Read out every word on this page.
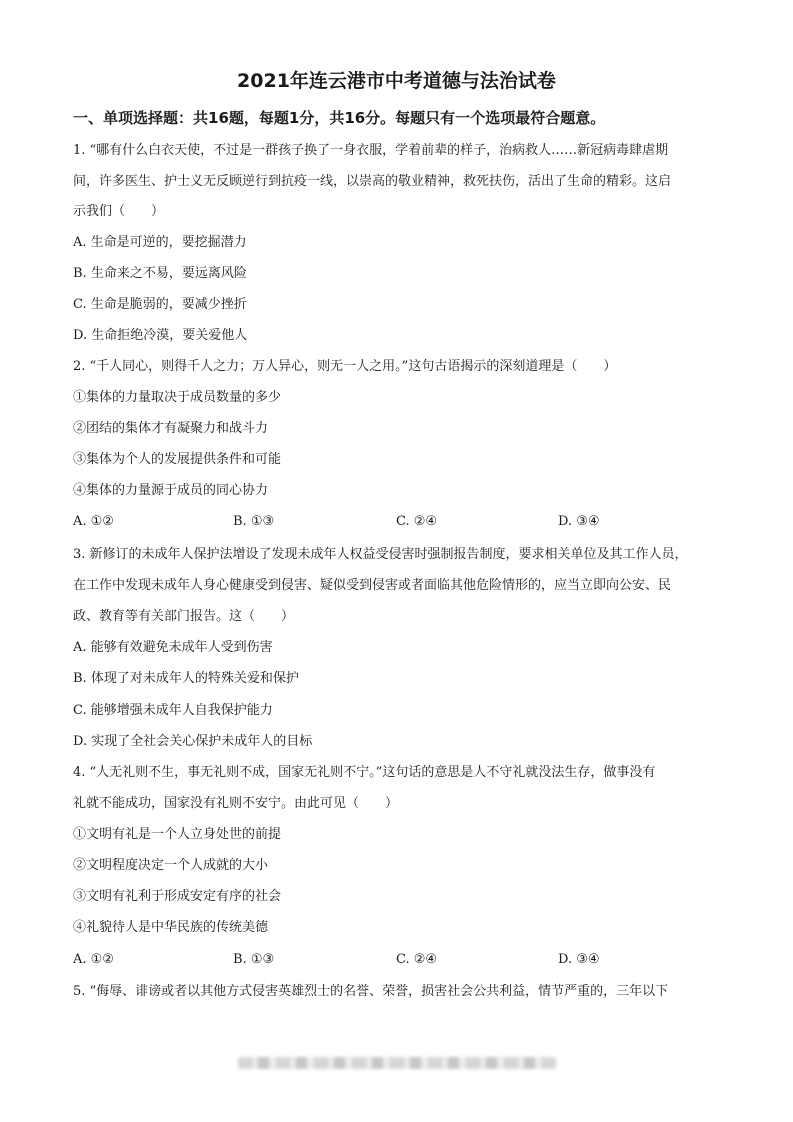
2021年连云港市中考道德与法治试卷
一、单项选择题：共16题，每题1分，共16分。每题只有一个选项最符合题意。
1. “哪有什么白衣天使，不过是一群孩子换了一身衣服，学着前辈的样子，治病救人……新冠病毒肆虐期
间，许多医生、护士义无反顾逆行到抗疫一线，以崇高的敬业精神，救死扶伤，活出了生命的精彩。这启
示我们（　　）
A. 生命是可逆的，要挖掘潜力
B. 生命来之不易，要远离风险
C. 生命是脆弱的，要减少挫折
D. 生命拒绝冷漠，要关爱他人
2. “千人同心，则得千人之力；万人异心，则无一人之用。”这句古语揭示的深刻道理是（　　）
①集体的力量取决于成员数量的多少
②团结的集体才有凝聚力和战斗力
③集体为个人的发展提供条件和可能
④集体的力量源于成员的同心协力
A. ①②	B. ①③	C. ②④	D. ③④
3. 新修订的未成年人保护法增设了发现未成年人权益受侵害时强制报告制度，要求相关单位及其工作人员，
在工作中发现未成年人身心健康受到侵害、疑似受到侵害或者面临其他危险情形的，应当立即向公安、民
政、教育等有关部门报告。这（　　）
A. 能够有效避免未成年人受到伤害
B. 体现了对未成年人的特殊关爱和保护
C. 能够增强未成年人自我保护能力
D. 实现了全社会关心保护未成年人的目标
4. “人无礼则不生，事无礼则不成，国家无礼则不宁。”这句话的意思是人不守礼就没法生存，做事没有
礼就不能成功，国家没有礼则不安宁。由此可见（　　）
①文明有礼是一个人立身处世的前提
②文明程度决定一个人成就的大小
③文明有礼利于形成安定有序的社会
④礼貌待人是中华民族的传统美德
A. ①②	B. ①③	C. ②④	D. ③④
5. “侮辱、诽谤或者以其他方式侵害英雄烈士的名誉、荣誉，损害社会公共利益，情节严重的，三年以下
